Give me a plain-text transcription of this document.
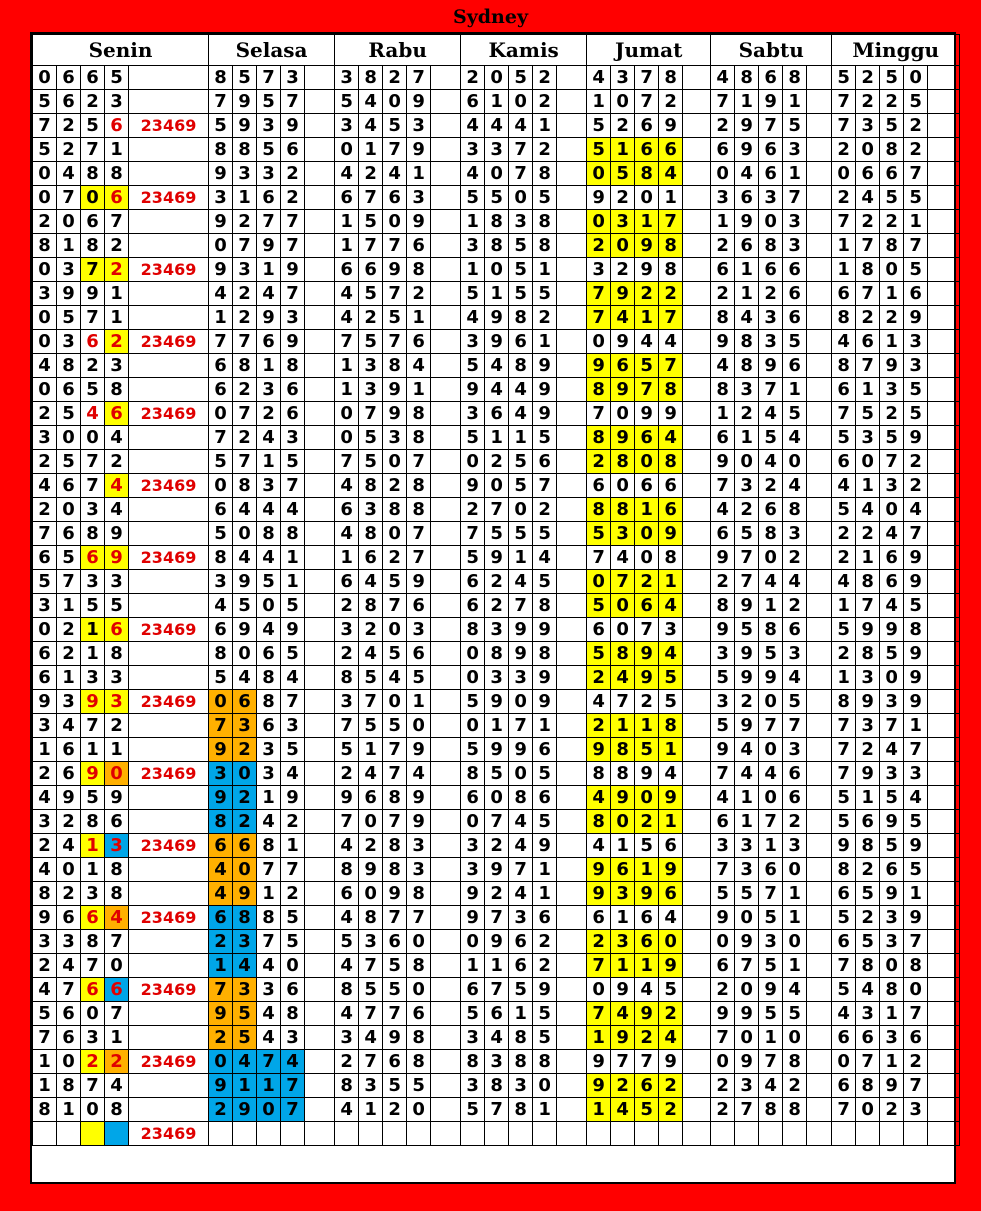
Sydney
Senin					Selasa					Rabu					Kamis					Jumat					Sabtu					Minggu				
0	6	6	5		8	5	7	3		3	8	2	7		2	0	5	2		4	3	7	8		4	8	6	8		5	2	5	0	
5	6	2	3		7	9	5	7		5	4	0	9		6	1	0	2		1	0	7	2		7	1	9	1		7	2	2	5	
7	2	5	6	23469	5	9	3	9		3	4	5	3		4	4	4	1		5	2	6	9		2	9	7	5		7	3	5	2	
5	2	7	1		8	8	5	6		0	1	7	9		3	3	7	2		5	1	6	6		6	9	6	3		2	0	8	2	
0	4	8	8		9	3	3	2		4	2	4	1		4	0	7	8		0	5	8	4		0	4	6	1		0	6	6	7	
0	7	0	6	23469	3	1	6	2		6	7	6	3		5	5	0	5		9	2	0	1		3	6	3	7		2	4	5	5	
2	0	6	7		9	2	7	7		1	5	0	9		1	8	3	8		0	3	1	7		1	9	0	3		7	2	2	1	
8	1	8	2		0	7	9	7		1	7	7	6		3	8	5	8		2	0	9	8		2	6	8	3		1	7	8	7	
0	3	7	2	23469	9	3	1	9		6	6	9	8		1	0	5	1		3	2	9	8		6	1	6	6		1	8	0	5	
3	9	9	1		4	2	4	7		4	5	7	2		5	1	5	5		7	9	2	2		2	1	2	6		6	7	1	6	
0	5	7	1		1	2	9	3		4	2	5	1		4	9	8	2		7	4	1	7		8	4	3	6		8	2	2	9	
0	3	6	2	23469	7	7	6	9		7	5	7	6		3	9	6	1		0	9	4	4		9	8	3	5		4	6	1	3	
4	8	2	3		6	8	1	8		1	3	8	4		5	4	8	9		9	6	5	7		4	8	9	6		8	7	9	3	
0	6	5	8		6	2	3	6		1	3	9	1		9	4	4	9		8	9	7	8		8	3	7	1		6	1	3	5	
2	5	4	6	23469	0	7	2	6		0	7	9	8		3	6	4	9		7	0	9	9		1	2	4	5		7	5	2	5	
3	0	0	4		7	2	4	3		0	5	3	8		5	1	1	5		8	9	6	4		6	1	5	4		5	3	5	9	
2	5	7	2		5	7	1	5		7	5	0	7		0	2	5	6		2	8	0	8		9	0	4	0		6	0	7	2	
4	6	7	4	23469	0	8	3	7		4	8	2	8		9	0	5	7		6	0	6	6		7	3	2	4		4	1	3	2	
2	0	3	4		6	4	4	4		6	3	8	8		2	7	0	2		8	8	1	6		4	2	6	8		5	4	0	4	
7	6	8	9		5	0	8	8		4	8	0	7		7	5	5	5		5	3	0	9		6	5	8	3		2	2	4	7	
6	5	6	9	23469	8	4	4	1		1	6	2	7		5	9	1	4		7	4	0	8		9	7	0	2		2	1	6	9	
5	7	3	3		3	9	5	1		6	4	5	9		6	2	4	5		0	7	2	1		2	7	4	4		4	8	6	9	
3	1	5	5		4	5	0	5		2	8	7	6		6	2	7	8		5	0	6	4		8	9	1	2		1	7	4	5	
0	2	1	6	23469	6	9	4	9		3	2	0	3		8	3	9	9		6	0	7	3		9	5	8	6		5	9	9	8	
6	2	1	8		8	0	6	5		2	4	5	6		0	8	9	8		5	8	9	4		3	9	5	3		2	8	5	9	
6	1	3	3		5	4	8	4		8	5	4	5		0	3	3	9		2	4	9	5		5	9	9	4		1	3	0	9	
9	3	9	3	23469	0	6	8	7		3	7	0	1		5	9	0	9		4	7	2	5		3	2	0	5		8	9	3	9	
3	4	7	2		7	3	6	3		7	5	5	0		0	1	7	1		2	1	1	8		5	9	7	7		7	3	7	1	
1	6	1	1		9	2	3	5		5	1	7	9		5	9	9	6		9	8	5	1		9	4	0	3		7	2	4	7	
2	6	9	0	23469	3	0	3	4		2	4	7	4		8	5	0	5		8	8	9	4		7	4	4	6		7	9	3	3	
4	9	5	9		9	2	1	9		9	6	8	9		6	0	8	6		4	9	0	9		4	1	0	6		5	1	5	4	
3	2	8	6		8	2	4	2		7	0	7	9		0	7	4	5		8	0	2	1		6	1	7	2		5	6	9	5	
2	4	1	3	23469	6	6	8	1		4	2	8	3		3	2	4	9		4	1	5	6		3	3	1	3		9	8	5	9	
4	0	1	8		4	0	7	7		8	9	8	3		3	9	7	1		9	6	1	9		7	3	6	0		8	2	6	5	
8	2	3	8		4	9	1	2		6	0	9	8		9	2	4	1		9	3	9	6		5	5	7	1		6	5	9	1	
9	6	6	4	23469	6	8	8	5		4	8	7	7		9	7	3	6		6	1	6	4		9	0	5	1		5	2	3	9	
3	3	8	7		2	3	7	5		5	3	6	0		0	9	6	2		2	3	6	0		0	9	3	0		6	5	3	7	
2	4	7	0		1	4	4	0		4	7	5	8		1	1	6	2		7	1	1	9		6	7	5	1		7	8	0	8	
4	7	6	6	23469	7	3	3	6		8	5	5	0		6	7	5	9		0	9	4	5		2	0	9	4		5	4	8	0	
5	6	0	7		9	5	4	8		4	7	7	6		5	6	1	5		7	4	9	2		9	9	5	5		4	3	1	7	
7	6	3	1		2	5	4	3		3	4	9	8		3	4	8	5		1	9	2	4		7	0	1	0		6	6	3	6	
1	0	2	2	23469	0	4	7	4		2	7	6	8		8	3	8	8		9	7	7	9		0	9	7	8		0	7	1	2	
1	8	7	4		9	1	1	7		8	3	5	5		3	8	3	0		9	2	6	2		2	3	4	2		6	8	9	7	
8	1	0	8		2	9	0	7		4	1	2	0		5	7	8	1		1	4	5	2		2	7	8	8		7	0	2	3	
				23469																														
